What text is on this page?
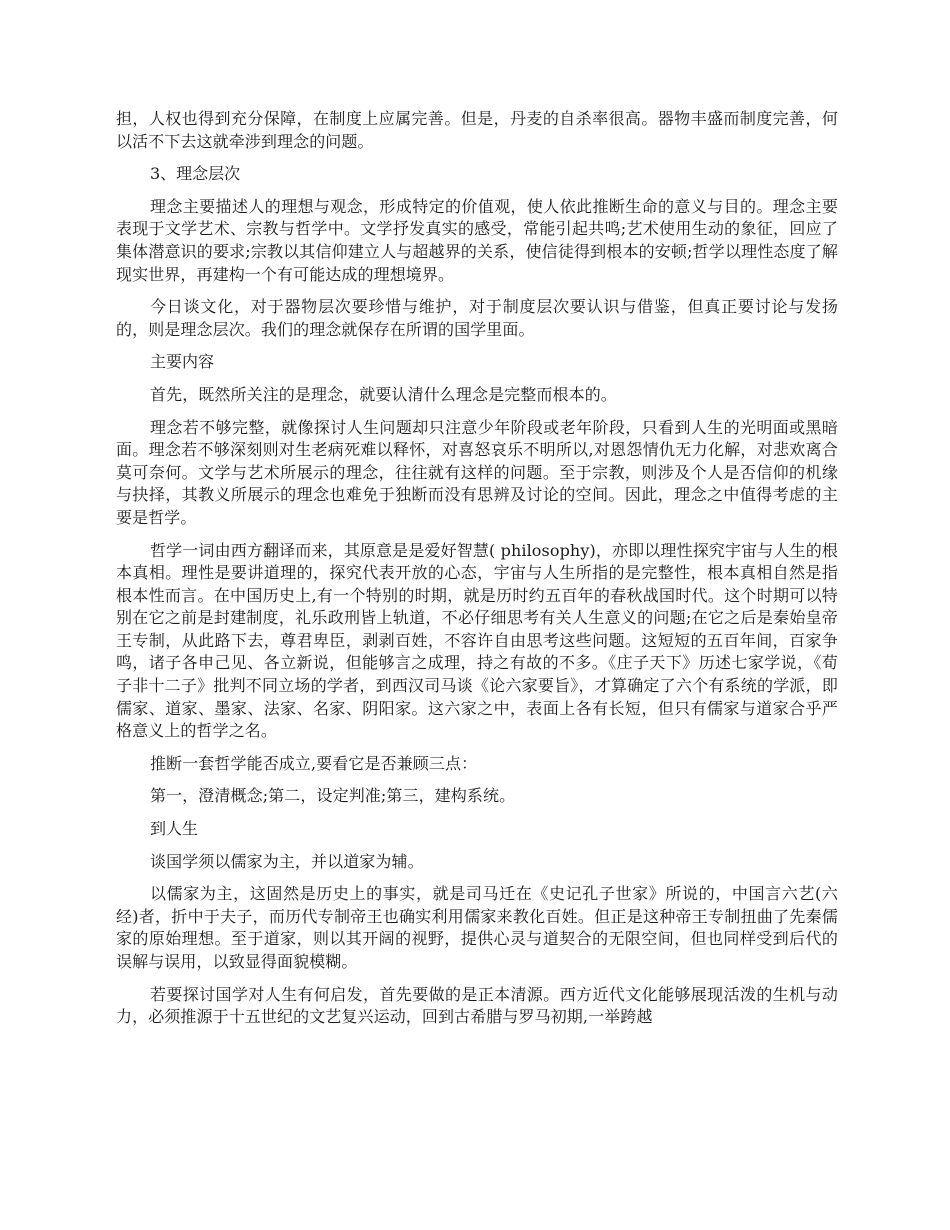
担，人权也得到充分保障，在制度上应属完善。但是，丹麦的自杀率很高。器物丰盛而制度完善，何以活不下去这就牵涉到理念的问题。

3、理念层次

理念主要描述人的理想与观念，形成特定的价值观，使人依此推断生命的意义与目的。理念主要表现于文学艺术、宗教与哲学中。文学抒发真实的感受，常能引起共鸣;艺术使用生动的象征，回应了集体潜意识的要求;宗教以其信仰建立人与超越界的关系，使信徒得到根本的安顿;哲学以理性态度了解现实世界，再建构一个有可能达成的理想境界。

今日谈文化，对于器物层次要珍惜与维护，对于制度层次要认识与借鉴，但真正要讨论与发扬的，则是理念层次。我们的理念就保存在所谓的国学里面。

主要内容

首先，既然所关注的是理念，就要认清什么理念是完整而根本的。

理念若不够完整，就像探讨人生问题却只注意少年阶段或老年阶段，只看到人生的光明面或黑暗面。理念若不够深刻则对生老病死难以释怀，对喜怒哀乐不明所以,对恩怨情仇无力化解，对悲欢离合莫可奈何。文学与艺术所展示的理念，往往就有这样的问题。至于宗教，则涉及个人是否信仰的机缘与抉择，其教义所展示的理念也难免于独断而没有思辨及讨论的空间。因此，理念之中值得考虑的主要是哲学。

哲学一词由西方翻译而来，其原意是是爱好智慧( philosophy)，亦即以理性探究宇宙与人生的根本真相。理性是要讲道理的，探究代表开放的心态，宇宙与人生所指的是完整性，根本真相自然是指根本性而言。在中国历史上,有一个特别的时期，就是历时约五百年的春秋战国时代。这个时期可以特别在它之前是封建制度，礼乐政刑皆上轨道，不必仔细思考有关人生意义的问题;在它之后是秦始皇帝王专制，从此路下去，尊君卑臣，剥剥百姓，不容许自由思考这些问题。这短短的五百年间，百家争鸣，诸子各申己见、各立新说，但能够言之成理，持之有故的不多。《庄子天下》历述七家学说，《荀子非十二子》批判不同立场的学者，到西汉司马谈《论六家要旨》，才算确定了六个有系统的学派，即儒家、道家、墨家、法家、名家、阴阳家。这六家之中，表面上各有长短，但只有儒家与道家合乎严格意义上的哲学之名。

推断一套哲学能否成立,要看它是否兼顾三点：

第一，澄清概念;第二，设定判准;第三，建构系统。

到人生

谈国学须以儒家为主，并以道家为辅。

以儒家为主，这固然是历史上的事实，就是司马迁在《史记孔子世家》所说的，中国言六艺(六经)者，折中于夫子，而历代专制帝王也确实利用儒家来教化百姓。但正是这种帝王专制扭曲了先秦儒家的原始理想。至于道家，则以其开阔的视野，提供心灵与道契合的无限空间，但也同样受到后代的误解与误用，以致显得面貌模糊。

若要探讨国学对人生有何启发，首先要做的是正本清源。西方近代文化能够展现活泼的生机与动力，必须推源于十五世纪的文艺复兴运动，回到古希腊与罗马初期,一举跨越
